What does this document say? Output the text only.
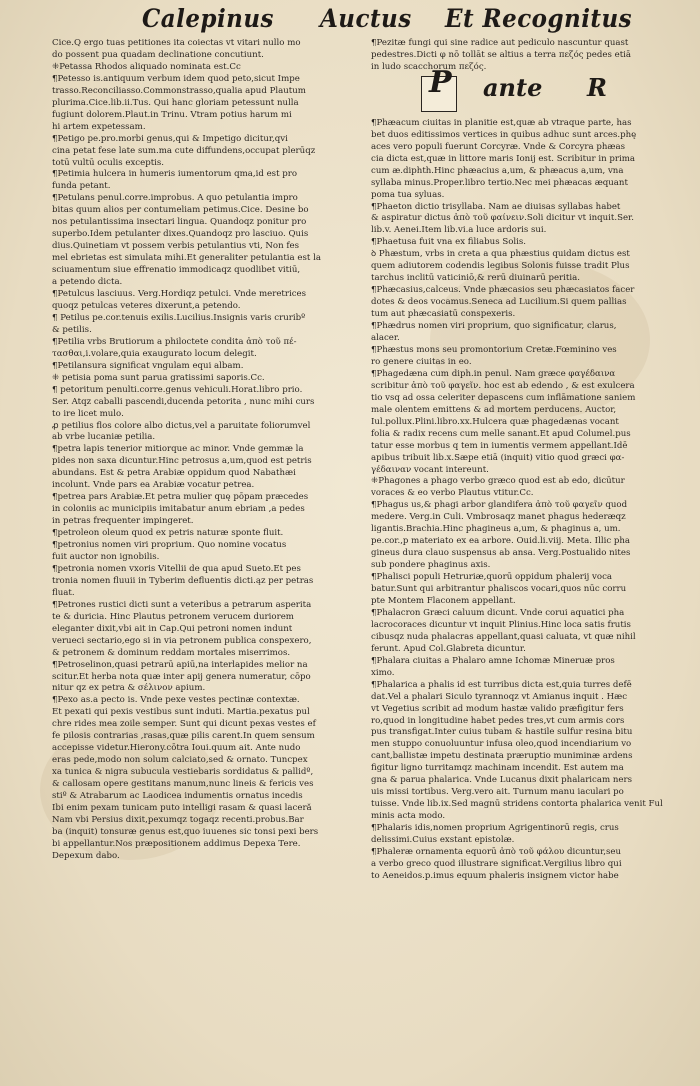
Calepinus Auctus Et Recognitus
Cice.Q ergo tuas petitiones ita coiectas vt vitari nullo mo
do possent pua quadam declinatione concutiunt.
⁜Petassa Rhodos aliquado nominata est.Cc
¶Petesso is.antiquum verbum idem quod peto,sicut Impe
trasso.Reconciliasso.Commonstrasso,qualia apud Plautum
plurima.Cice.lib.ii.Tus. Qui hanc gloriam petessunt nulla
fugiunt dolorem.Plaut.in Trinu. Vtram potius harum mi
hi artem expetessam.
¶Petigo pe.pro.morbi genus,qui & Impetigo dicitur,qvi
cina petat fese late sum.ma cute diffundens,occupat plerūqz
totū vultū oculis exceptis.
¶Petimia hulcera in humeris iumentorum qma,id est pro
funda petant.
¶Petulans penul.corre.improbus. A quo petulantia impro
bitas quum alios per contumeliam petimus.Cice. Desine bo
nos petulantissima insectari lingua. Quandoqz ponitur pro
superbo.Idem petulanter dixes.Quandoqz pro lasciuo. Quis
dius.Quinetiam vt possem verbis petulantius vti, Non fes
mel ebrietas est simulata mihi.Et generaliter petulantia est la
sciuamentum siue effrenatio immodicaqz quodlibet vitiū,
a petendo dicta.
¶Petulcus lasciuus. Verg.Hordiqz petulci. Vnde meretrices
quoqz petulcas veteres dixerunt,a petendo.
¶ Petilus pe.cor.tenuis exilis.Lucilius.Insignis varis cruribº
& petilis.
¶Petilia vrbs Brutiorum a philoctete condita ἀπὸ τοῦ πέ-
τασθαι,i.volare,quia exaugurato locum delegit.
¶Petilansura significat vngulam equi albam.
⁜ petisia poma sunt parua gratissimi saporis.Cc.
¶ petoritum penulti.corre.genus vehiculi.Horat.libro prio.
Ser. Atqz caballi pascendi,ducenda petorita , nunc mihi curs
to ire licet mulo.
ꝓ petilius flos colore albo dictus,vel a paruitate foliorumvel
ab vrbe lucaniæ petilia.
¶petra lapis tenerior mitiorque ac minor. Vnde gemmæ la
pides non saxa dicuntur.Hinc petrosus a,um,quod est petris
abundans. Est & petra Arabiæ oppidum quod Nabathæi
incolunt. Vnde pars ea Arabiæ vocatur petrea.
¶petrea pars Arabiæ.Et petra mulier quę pōpam præcedes
in coloniis ac municipiis imitabatur anum ebriam ,a pedes
in petras frequenter impingeret.
¶petroleon oleum quod ex petris naturæ sponte fluit.
¶petronius nomen viri proprium. Quo nomine vocatus
fuit auctor non ignobilis.
¶petronia nomen vxoris Vitellii de qua apud Sueto.Et pes
tronia nomen fluuii in Tyberim defluentis dicti.ąz per petras
fluat.
¶Petrones rustici dicti sunt a veteribus a petrarum asperita
te & duricia. Hinc Plautus petronem verucem duriorem
eleganter dixit,vbi ait in Cap.Qui petroni nomen indunt
verueci sectario,ego si in via petronem publica conspexero,
& petronem & dominum reddam mortales miserrimos.
¶Petroselinon,quasi petrarū apiū,na interlapides melior na
scitur.Et herba nota quæ inter apij genera numeratur, cōpo
nitur qz ex petra & σέλινον apium.
¶Pexo as.a pecto is. Vnde pexe vestes pectinæ contextæ.
Et pexati qui pexis vestibus sunt induti. Martia.pexatus pul
chre rides mea zoile semper. Sunt qui dicunt pexas vestes ef
fe pilosis contrarias ,rasas,quæ pilis carent.In quem sensum
accepisse videtur.Hierony.cōtra Ioui.quum ait. Ante nudo
eras pede,modo non solum calciato,sed & ornato. Tuncpex
xa tunica & nigra subucula vestiebaris sordidatus & pallidº,
& callosam opere gestitans manum,nunc lineis & fericis ves
stiº & Atrabarum ac Laodicea indumentis ornatus incedis
Ibi enim pexam tunicam puto intelligi rasam & quasi laceră
Nam vbi Persius dixit,pexumqz togaqz recenti.probus.Bar
ba (inquit) tonsuræ genus est,quo iuuenes sic tonsi pexi bers
bi appellantur.Nos præpositionem addimus Depexa Tere.
Depexum dabo.
¶Pezitæ fungi qui sine radice aut pediculo nascuntur quast
pedestres.Dicti φ nō tollāt se altius a terra πεζός pedes etiā
in ludo scacchorum πεζός.
P ante R
¶Phæacum ciuitas in planitie est,quæ ab vtraque parte, has
bet duos editissimos vertices in quibus adhuc sunt arces.phę
aces vero populi fuerunt Corcyræ. Vnde & Corcyra phæas
cia dicta est,quæ in littore maris Ionij est. Scribitur in prima
cum æ.diphth.Hinc phæacius a,um, & phæacus a,um, vna
syllaba minus.Proper.libro tertio.Nec mei phæacas æquant
poma tua syluas.
¶Phaeton dictio trisyllaba. Nam ae diuisas syllabas habet
& aspiratur dictus ἀπὸ τοῦ φαίνειν.Soli dicitur vt inquit.Ser.
lib.v. Aenei.Item lib.vi.a luce ardoris sui.
¶Phaetusa fuit vna ex filiabus Solis.
ꝺ Phæstum, vrbs in creta a qua phæstius quidam dictus est
quem adiutorem codendis legibus Solonis fuisse tradit Plus
tarchus inclitū vaticiniō,& rerū diuinarū peritia.
¶Phæcasius,calceus. Vnde phæcasios seu phæcasiatos facer
dotes & deos vocamus.Seneca ad Lucilium.Si quem pallias
tum aut phæcasiatū conspexeris.
¶Phædrus nomen viri proprium, quo significatur, clarus,
alacer.
¶Phæstus mons seu promontorium Cretæ.Fœminino ves
ro genere ciuitas in eo.
¶Phagedæna cum diph.in penul. Nam græce φαγέδαινα
scribitur ἀπὸ τοῦ φαγεῖν. hoc est ab edendo , & est exulcera
tio vsq ad ossa celeriter depascens cum inflāmatione saniem
male olentem emittens & ad mortem perducens. Auctor,
Iul.pollux.Plini.libro.xx.Hulcera quæ phagedænas vocant
folia & radix recens cum melle sanant.Et apud Columel.pus
tatur esse morbus q tem in iumentis vermem appellant.Idē
apibus tribuit lib.x.Sæpe etiā (inquit) vitio quod græci φα-
γέδαιναν vocant intereunt.
⁜Phagones a phago verbo græco quod est ab edo, dicūtur
voraces & eo verbo Plautus vtitur.Cc.
¶Phagus us,& phagi arbor glandifera ἀπὸ τοῦ φαγεῖν quod
medere. Verg.in Culi. Vmbrosaqz manet phagus hederæqz
ligantis.Brachia.Hinc phagineus a,um, & phaginus a, um.
pe.cor.,p materiato ex ea arbore. Ouid.li.viij. Meta. Illic pha
gineus dura clauo suspensus ab ansa. Verg.Postualido nites
sub pondere phaginus axis.
¶Phalisci populi Hetruriæ,quorū oppidum phalerij voca
batur.Sunt qui arbitrantur phaliscos vocari,quos nūc corru
pte Montem Flaconem appellant.
¶Phalacron Græci caluum dicunt. Vnde corui aquatici pha
lacrocoraces dicuntur vt inquit Plinius.Hinc loca satis frutis
cibusqz nuda phalacras appellant,quasi caluata, vt quæ nihil
ferunt. Apud Col.Glabreta dicuntur.
¶Phalara ciuitas a Phalaro amne Ichomæ Mineruæ pros
ximo.
¶Phalarica a phalis id est turribus dicta est,quia turres defē
dat.Vel a phalari Siculo tyrannoqz vt Amianus inquit . Hæc
vt Vegetius scribit ad modum hastæ valido præfigitur fers
ro,quod in longitudine habet pedes tres,vt cum armis cors
pus transfigat.Inter cuius tubam & hastile sulfur resina bitu
men stuppo conuoluuntur infusa oleo,quod incendiarium vo
cant,ballistæ impetu destinata præruptio muniminæ ardens
figitur ligno turritamqz machinam incendit. Est autem ma
gna & parua phalarica. Vnde Lucanus dixit phalaricam ners
uis missi tortibus. Verg.vero ait. Turnum manu iaculari po
tuisse. Vnde lib.ix.Sed magnū stridens contorta phalarica venit Ful
minis acta modo.
¶Phalaris idis,nomen proprium Agrigentinorū regis, crus
delissimi.Cuius exstant epistolæ.
¶Phaleræ ornamenta equorū ἀπὸ τοῦ φάλου dicuntur,seu
a verbo greco quod illustrare significat.Vergilius libro qui
to Aeneidos.p.imus equum phaleris insignem victor habe
